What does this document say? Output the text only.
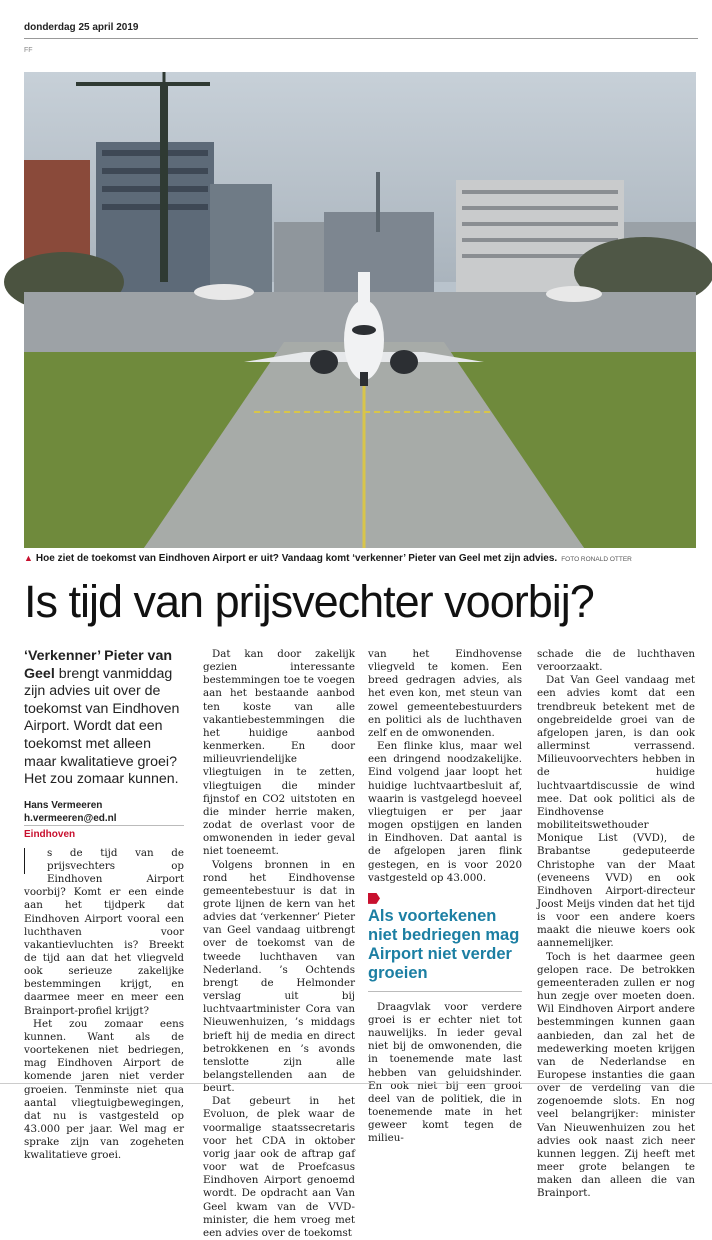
donderdag 25 april 2019
FF
▲ Hoe ziet de toekomst van Eindhoven Airport er uit? Vandaag komt ‘verkenner’ Pieter van Geel met zijn advies. FOTO RONALD OTTER
Is tijd van prijsvechter voorbij?
‘Verkenner’ Pieter van Geel brengt vanmiddag zijn advies uit over de toekomst van Eindhoven Airport. Wordt dat een toekomst met alleen maar kwalitatieve groei? Het zou zomaar kunnen.
Hans Vermeeren
h.vermeeren@ed.nl
Eindhoven

s de tijd van de prijsvechters op Eindhoven Airport voorbij? Komt er een einde aan het tijdperk dat Eindhoven Airport vooral een luchthaven voor vakantievluchten is? Breekt de tijd aan dat het vliegveld ook serieuze zakelijke bestemmingen krijgt, en daarmee meer en meer een Brainport-profiel krijgt?

Het zou zomaar eens kunnen. Want als de voortekenen niet bedriegen, mag Eindhoven Airport de komende jaren niet verder groeien. Tenminste niet qua aantal vliegtuigbewegingen, dat nu is vastgesteld op 43.000 per jaar. Wel mag er sprake zijn van zogeheten kwalitatieve groei.

Dat kan door zakelijk gezien interessante bestemmingen toe te voegen aan het bestaande aanbod ten koste van alle vakantiebestemmingen die het huidige aanbod kenmerken. En door milieuvriendelijke vliegtuigen in te zetten, vliegtuigen die minder fijnstof en CO2 uitstoten en die minder herrie maken, zodat de overlast voor de omwonenden in ieder geval niet toeneemt.

Volgens bronnen in en rond het Eindhovense gemeentebestuur is dat in grote lijnen de kern van het advies dat ‘verkenner’ Pieter van Geel vandaag uitbrengt over de toekomst van de tweede luchthaven van Nederland. ’s Ochtends brengt de Helmonder verslag uit bij luchtvaartminister Cora van Nieuwenhuizen, ’s middags brieft hij de media en direct betrokkenen en ’s avonds tenslotte zijn alle belangstellenden aan de beurt.

Dat gebeurt in het Evoluon, de plek waar de voormalige staatssecretaris voor het CDA in oktober vorig jaar ook de aftrap gaf voor wat de Proefcasus Eindhoven Airport genoemd wordt. De opdracht aan Van Geel kwam van de VVD-minister, die hem vroeg met een advies over de toekomst

van het Eindhovense vliegveld te komen. Een breed gedragen advies, als het even kon, met steun van zowel gemeentebestuurders en politici als de luchthaven zelf en de omwonenden.

Een flinke klus, maar wel een dringend noodzakelijke. Eind volgend jaar loopt het huidige luchtvaartbesluit af, waarin is vastgelegd hoeveel vliegtuigen er per jaar mogen opstijgen en landen in Eindhoven. Dat aantal is de afgelopen jaren flink gestegen, en is voor 2020 vastgesteld op 43.000.

Als voortekenen niet bedriegen mag Airport niet verder groeien

Draagvlak voor verdere groei is er echter niet tot nauwelijks. In ieder geval niet bij de omwonenden, die in toenemende mate last hebben van geluidshinder. En ook niet bij een groot deel van de politiek, die in toenemende mate in het geweer komt tegen de milieu-

schade die de luchthaven veroorzaakt.

Dat Van Geel vandaag met een advies komt dat een trendbreuk betekent met de ongebreidelde groei van de afgelopen jaren, is dan ook allerminst verrassend. Milieuvoorvechters hebben in de huidige luchtvaartdiscussie de wind mee. Dat ook politici als de Eindhovense mobiliteitswethouder Monique List (VVD), de Brabantse gedeputeerde Christophe van der Maat (eveneens VVD) en ook Eindhoven Airport-directeur Joost Meijs vinden dat het tijd is voor een andere koers maakt die nieuwe koers ook aannemelijker.

Toch is het daarmee geen gelopen race. De betrokken gemeenteraden zullen er nog hun zegje over moeten doen. Wil Eindhoven Airport andere bestemmingen kunnen gaan aanbieden, dan zal het de medewerking moeten krijgen van de Nederlandse en Europese instanties die gaan over de verdeling van die zogenoemde slots. En nog veel belangrijker: minister Van Nieuwenhuizen zou het advies ook naast zich neer kunnen leggen. Zij heeft met meer grote belangen te maken dan alleen die van Brainport.
